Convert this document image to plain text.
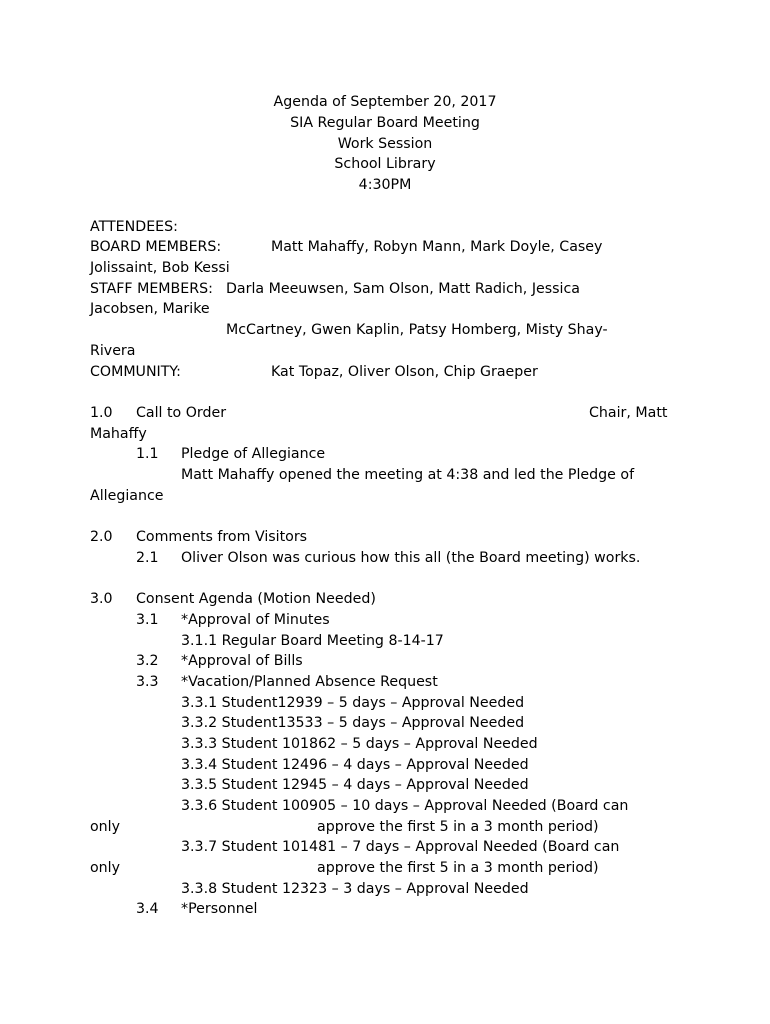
Agenda of September 20, 2017
SIA Regular Board Meeting
Work Session
School Library
4:30PM
ATTENDEES:
BOARD MEMBERS:	Matt Mahaffy, Robyn Mann, Mark Doyle, Casey
Jolissaint, Bob Kessi
STAFF MEMBERS: Darla Meeuwsen, Sam Olson, Matt Radich, Jessica
Jacobsen, Marike
McCartney, Gwen Kaplin, Patsy Homberg, Misty Shay-
Rivera
COMMUNITY:	Kat Topaz, Oliver Olson, Chip Graeper
1.0 Call to Order	Chair, Matt
Mahaffy
1.1 Pledge of Allegiance
Matt Mahaffy opened the meeting at 4:38 and led the Pledge of
Allegiance
2.0 Comments from Visitors
2.1 Oliver Olson was curious how this all (the Board meeting) works.
3.0 Consent Agenda (Motion Needed)
3.1 *Approval of Minutes
3.1.1 Regular Board Meeting 8-14-17
3.2 *Approval of Bills
3.3 *Vacation/Planned Absence Request
3.3.1 Student12939 – 5 days – Approval Needed
3.3.2 Student13533 – 5 days – Approval Needed
3.3.3 Student 101862 – 5 days – Approval Needed
3.3.4 Student 12496 – 4 days – Approval Needed
3.3.5 Student 12945 – 4 days – Approval Needed
3.3.6 Student 100905 – 10 days – Approval Needed (Board can
only	approve the first 5 in a 3 month period)
3.3.7 Student 101481 – 7 days – Approval Needed (Board can
only	approve the first 5 in a 3 month period)
3.3.8 Student 12323 – 3 days – Approval Needed
3.4 *Personnel
